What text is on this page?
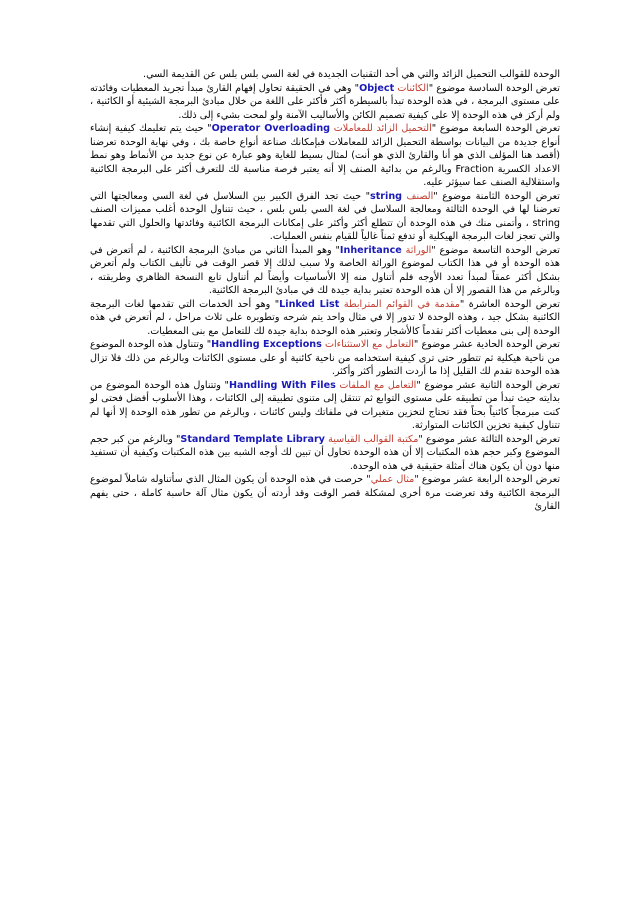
الوحدة للقوالب التحميل الزائد والتي هي أحد التقنيات الجديدة في لغة السي بلس بلس عن القديمة السي.

تعرض الوحدة السادسة موضوع "الكائنات Object" وهي في الحقيقة تحاول إفهام القارئ مبدأ تجريد المعطيات وفائدته على مستوى البرمجة ، في هذه الوحدة تبدأ بالسيطرة أكثر فأكثر على اللغة من خلال مبادئ البرمجة الشيئية أو الكائنية ، ولم أركز في هذه الوحدة إلا على كيفية تصميم الكائن والأساليب الآمنة ولو لمحت بشيء إلى ذلك.

تعرض الوحدة السابعة موضوع "التحميل الزائد للمعاملات Operator Overloading" حيث يتم تعليمك كيفية إنشاء أنواع جديدة من البيانات بواسطة التحميل الزائد للمعاملات فبإمكانك صناعة أنواع خاصة بك ، وفي نهاية الوحدة تعرضنا (أقصد هنا المؤلف الذي هو أنا والقارئ الذي هو أنت) لمثال بسيط للغاية وهو عبارة عن نوع جديد من الأنماط وهو نمط الاعداد الكسرية Fraction وبالرغم من بدائية الصنف إلا أنه يعتبر فرصة مناسبة لك للتعرف أكثر على البرمجة الكائنية واستقلالية الصنف عما سيؤثر عليه.

تعرض الوحدة الثامنة موضوع "الصنف string" حيث تجد الفرق الكبير بين السلاسل في لغة السي ومعالجتها التي تعرضنا لها في الوحدة الثالثة ومعالجة السلاسل في لغة السي بلس بلس ، حيث تتناول الوحدة أغلب مميزات الصنف string ، وأتمنى منك في هذه الوحدة أن تتطلع أكثر وأكثر على إمكانات البرمجة الكائنية وفائدتها والحلول التي تقدمها والتي تعجز لغات البرمجة الهيكلية أو تدفع ثمناً غالياً للقيام بنفس العمليات.

تعرض الوحدة التاسعة موضوع "الوراثة Inheritance" وهو المبدأ الثاني من مبادئ البرمجة الكائنية ، لم أتعرض في هذه الوحدة أو في هذا الكتاب لموضوع الوراثة الخاصة ولا سبب لذلك إلا قصر الوقت في تأليف الكتاب ولم أتعرض بشكل أكثر عمقاً لمبدأ تعدد الأوجه فلم أتناول منه إلا الأساسيات وأيضاً لم أتناول تابع النسخة الظاهري وطريقته ، وبالرغم من هذا القصور إلا أن هذه الوحدة تعتبر بداية جيدة لك في مبادئ البرمجة الكائنية.

تعرض الوحدة العاشرة "مقدمة في القوائم المترابطة Linked List" وهو أحد الخدمات التي تقدمها لغات البرمجة الكائنية بشكل جيد ، وهذه الوحدة لا تدور إلا في مثال واحد يتم شرحه وتطويره على ثلاث مراحل ، لم أتعرض في هذه الوحدة إلى بنى معطيات أكثر تقدماً كالأشجار وتعتبر هذه الوحدة بداية جيدة لك للتعامل مع بنى المعطيات.

تعرض الوحدة الحادية عشر موضوع "التعامل مع الاستثناءات Handling Exceptions" وتتناول هذه الوحدة الموضوع من ناحية هيكلية ثم تتطور حتى ترى كيفية استخدامه من ناحية كائنية أو على مستوى الكائنات وبالرغم من ذلك فلا تزال هذه الوحدة تقدم لك القليل إذا ما أردت التطور أكثر وأكثر.

تعرض الوحدة الثانية عشر موضوع "التعامل مع الملفات Handling With Files" وتتناول هذه الوحدة الموضوع من بدايته حيث تبدأ من تطبيقه على مستوى التوابع ثم تنتقل إلى متنوى تطبيقه إلى الكائنات ، وهذا الأسلوب أفضل فحتى لو كنت مبرمجاً كائنياً بحتاً فقد تحتاج لتخزين متغيرات في ملفاتك وليس كائنات ، وبالرغم من تطور هذه الوحدة إلا أنها لم تتناول كيفية تخزين الكائنات المتوارثة.

تعرض الوحدة الثالثة عشر موضوع "مكتبة القوالب القياسية Standard Template Library" وبالرغم من كبر حجم الموضوع وكبر حجم هذه المكتبات إلا أن هذه الوحدة تحاول أن تبين لك أوجه الشبه بين هذه المكتبات وكيفية أن تستفيد منها دون أن يكون هناك أمثلة حقيقية في هذه الوحدة.

تعرض الوحدة الرابعة عشر موضوع "مثال عملي" حرصت في هذه الوحدة أن يكون المثال الذي سأتناوله شاملاً لموضوع البرمجة الكائنية وقد تعرضت مرة أخرى لمشكلة قصر الوقت وقد أردته أن يكون مثال آلة حاسبة كاملة ، حتى يفهم القارئ
